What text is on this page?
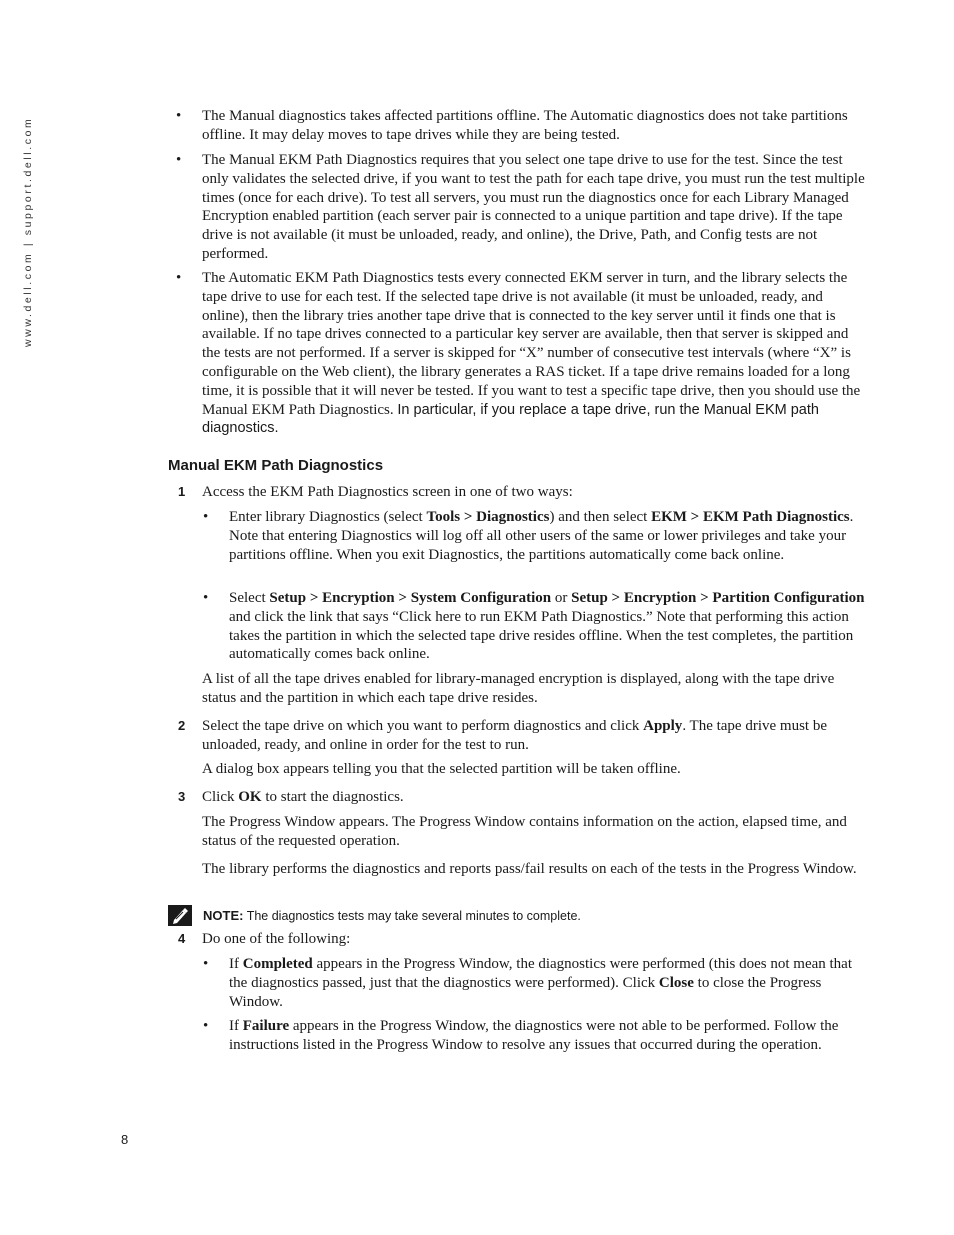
www.dell.com | support.dell.com
• The Manual diagnostics takes affected partitions offline. The Automatic diagnostics does not take partitions offline. It may delay moves to tape drives while they are being tested.

• The Manual EKM Path Diagnostics requires that you select one tape drive to use for the test. Since the test only validates the selected drive, if you want to test the path for each tape drive, you must run the test multiple times (once for each drive). To test all servers, you must run the diagnostics once for each Library Managed Encryption enabled partition (each server pair is connected to a unique partition and tape drive). If the tape drive is not available (it must be unloaded, ready, and online), the Drive, Path, and Config tests are not performed.

• The Automatic EKM Path Diagnostics tests every connected EKM server in turn, and the library selects the tape drive to use for each test. If the selected tape drive is not available (it must be unloaded, ready, and online), then the library tries another tape drive that is connected to the key server until it finds one that is available. If no tape drives connected to a particular key server are available, then that server is skipped and the tests are not performed. If a server is skipped for “X” number of consecutive test intervals (where “X” is configurable on the Web client), the library generates a RAS ticket. If a tape drive remains loaded for a long time, it is possible that it will never be tested. If you want to test a specific tape drive, then you should use the Manual EKM Path Diagnostics. In particular, if you replace a tape drive, run the Manual EKM path diagnostics.

Manual EKM Path Diagnostics
1 Access the EKM Path Diagnostics screen in one of two ways:

• Enter library Diagnostics (select Tools > Diagnostics) and then select EKM > EKM Path Diagnostics. Note that entering Diagnostics will log off all other users of the same or lower privileges and take your partitions offline. When you exit Diagnostics, the partitions automatically come back online.

• Select Setup > Encryption > System Configuration or Setup > Encryption > Partition Configuration and click the link that says “Click here to run EKM Path Diagnostics.” Note that performing this action takes the partition in which the selected tape drive resides offline. When the test completes, the partition automatically comes back online.

A list of all the tape drives enabled for library-managed encryption is displayed, along with the tape drive status and the partition in which each tape drive resides.

2 Select the tape drive on which you want to perform diagnostics and click Apply. The tape drive must be unloaded, ready, and online in order for the test to run.

A dialog box appears telling you that the selected partition will be taken offline.

3 Click OK to start the diagnostics.

The Progress Window appears. The Progress Window contains information on the action, elapsed time, and status of the requested operation.

The library performs the diagnostics and reports pass/fail results on each of the tests in the Progress Window.

NOTE: The diagnostics tests may take several minutes to complete.
4 Do one of the following:

• If Completed appears in the Progress Window, the diagnostics were performed (this does not mean that the diagnostics passed, just that the diagnostics were performed). Click Close to close the Progress Window.

• If Failure appears in the Progress Window, the diagnostics were not able to be performed. Follow the instructions listed in the Progress Window to resolve any issues that occurred during the operation.

8
